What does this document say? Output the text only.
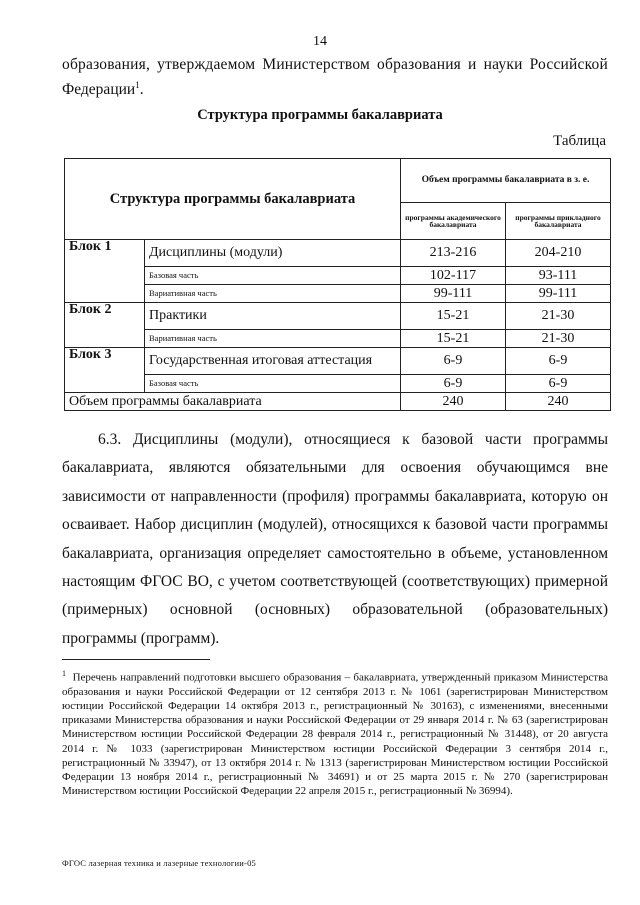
14
образования, утверждаемом Министерством образования и науки Российской
Федерации$^1$.
Структура программы бакалавриата
Таблица
Структура программы бакалавриата		Объем программы бакалавриата в з. е.	
		программы академического бакалавриата	программы прикладного бакалавриата
Блок 1	Дисциплины (модули)	213-216	204-210
	Базовая часть	102-117	93-111
	Вариативная часть	99-111	99-111
Блок 2	Практики	15-21	21-30
	Вариативная часть	15-21	21-30
Блок 3	Государственная итоговая аттестация	6-9	6-9
	Базовая часть	6-9	6-9
Объем программы бакалавриата		240	240

6.3. Дисциплины (модули), относящиеся к базовой части программы бакалавриата, являются обязательными для освоения обучающимся вне зависимости от направленности (профиля) программы бакалавриата, которую он осваивает. Набор дисциплин (модулей), относящихся к базовой части программы бакалавриата, организация определяет самостоятельно в объеме, установленном настоящим ФГОС ВО, с учетом соответствующей (соответствующих) примерной (примерных) основной (основных) образовательной (образовательных) программы (программ).

$^1$ Перечень направлений подготовки высшего образования – бакалавриата, утвержденный приказом Министерства образования и науки Российской Федерации от 12 сентября 2013 г. № 1061 (зарегистрирован Министерством юстиции Российской Федерации 14 октября 2013 г., регистрационный № 30163), с изменениями, внесенными приказами Министерства образования и науки Российской Федерации от 29 января 2014 г. № 63 (зарегистрирован Министерством юстиции Российской Федерации 28 февраля 2014 г., регистрационный № 31448), от 20 августа 2014 г. № 1033 (зарегистрирован Министерством юстиции Российской Федерации 3 сентября 2014 г., регистрационный № 33947), от 13 октября 2014 г. № 1313 (зарегистрирован Министерством юстиции Российской Федерации 13 ноября 2014 г., регистрационный № 34691) и от 25 марта 2015 г. № 270 (зарегистрирован Министерством юстиции Российской Федерации 22 апреля 2015 г., регистрационный № 36994).
ФГОС лазерная техника и лазерные технологии-05
